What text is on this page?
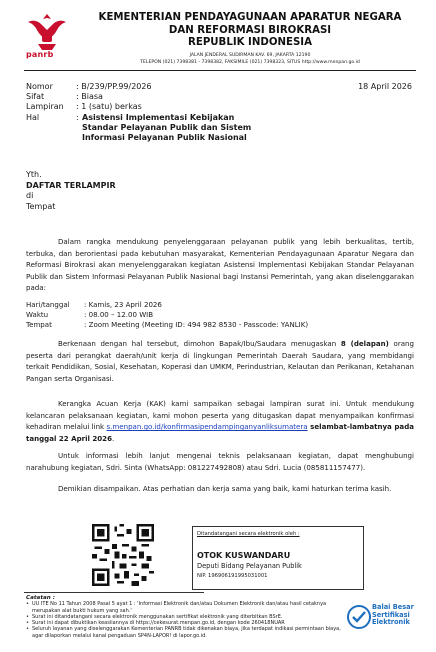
panrb
KEMENTERIAN PENDAYAGUNAAN APARATUR NEGARA
DAN REFORMASI BIROKRASI
REPUBLIK INDONESIA
JALAN JENDERAL SUDIRMAN KAV. 69, JAKARTA 12190
TELEPON (021) 7398381 - 7398382, FAKSIMILE (021) 7398323, SITUS http://www.menpan.go.id
Nomor	: B/239/PP.99/2026
Sifat	: Biasa
Lampiran	: 1 (satu) berkas
Hal	: Asistensi Implementasi Kebijakan
Standar Pelayanan Publik dan Sistem
Informasi Pelayanan Publik Nasional
18 April 2026
Yth.
DAFTAR TERLAMPIR
di
Tempat
Dalam rangka mendukung penyelenggaraan pelayanan publik yang lebih berkualitas, tertib, terbuka, dan berorientasi pada kebutuhan masyarakat, Kementerian Pendayagunaan Aparatur Negara dan Reformasi Birokrasi akan menyelenggarakan kegiatan Asistensi Implementasi Kebijakan Standar Pelayanan Publik dan Sistem Informasi Pelayanan Publik Nasional bagi Instansi Pemerintah, yang akan diselenggarakan pada:
Hari/tanggal	: Kamis, 23 April 2026
Waktu	: 08.00 – 12.00 WIB
Tempat	: Zoom Meeting (Meeting ID: 494 982 8530 - Passcode: YANLIK)
Berkenaan dengan hal tersebut, dimohon Bapak/Ibu/Saudara menugaskan 8 (delapan) orang peserta dari perangkat daerah/unit kerja di lingkungan Pemerintah Daerah Saudara, yang membidangi terkait Pendidikan, Sosial, Kesehatan, Koperasi dan UMKM, Perindustrian, Kelautan dan Perikanan, Ketahanan Pangan serta Organisasi.
Kerangka Acuan Kerja (KAK) kami sampaikan sebagai lampiran surat ini. Untuk mendukung kelancaran pelaksanaan kegiatan, kami mohon peserta yang ditugaskan dapat menyampaikan konfirmasi kehadiran melalui link s.menpan.go.id/konfirmasipendampinganyanliksumatera selambat-lambatnya pada tanggal 22 April 2026.
Untuk informasi lebih lanjut mengenai teknis pelaksanaan kegiatan, dapat menghubungi narahubung kegiatan, Sdri. Sinta (WhatsApp: 081227492808) atau Sdri. Lucia (085811157477).
Demikian disampaikan. Atas perhatian dan kerja sama yang baik, kami haturkan terima kasih.
Ditandatangani secara elektronik oleh :
OTOK KUSWANDARU
Deputi Bidang Pelayanan Publik
NIP. 196906191995031001
Catatan :
• UU ITE No 11 Tahun 2008 Pasal 5 ayat 1 : 'Informasi Elektronik dan/atau Dokumen Elektronik dan/atau hasil cetaknya merupakan alat bukti hukum yang sah.'
• Surat ini ditandatangani secara elektronik menggunakan sertifikat elektronik yang diterbitkan BSrE.
• Surat ini dapat dibuktikan keasliannya di https://cekesurat.menpan.go.id, dengan kode 260418NUAR
• Seluruh layanan yang diselenggarakan Kementerian PANRB tidak dikenakan biaya, jika terdapat indikasi permintaan biaya, agar dilaporkan melalui kanal pengaduan SP4N-LAPOR! di lapor.go.id.
Balai Besar
Sertifikasi
Elektronik
